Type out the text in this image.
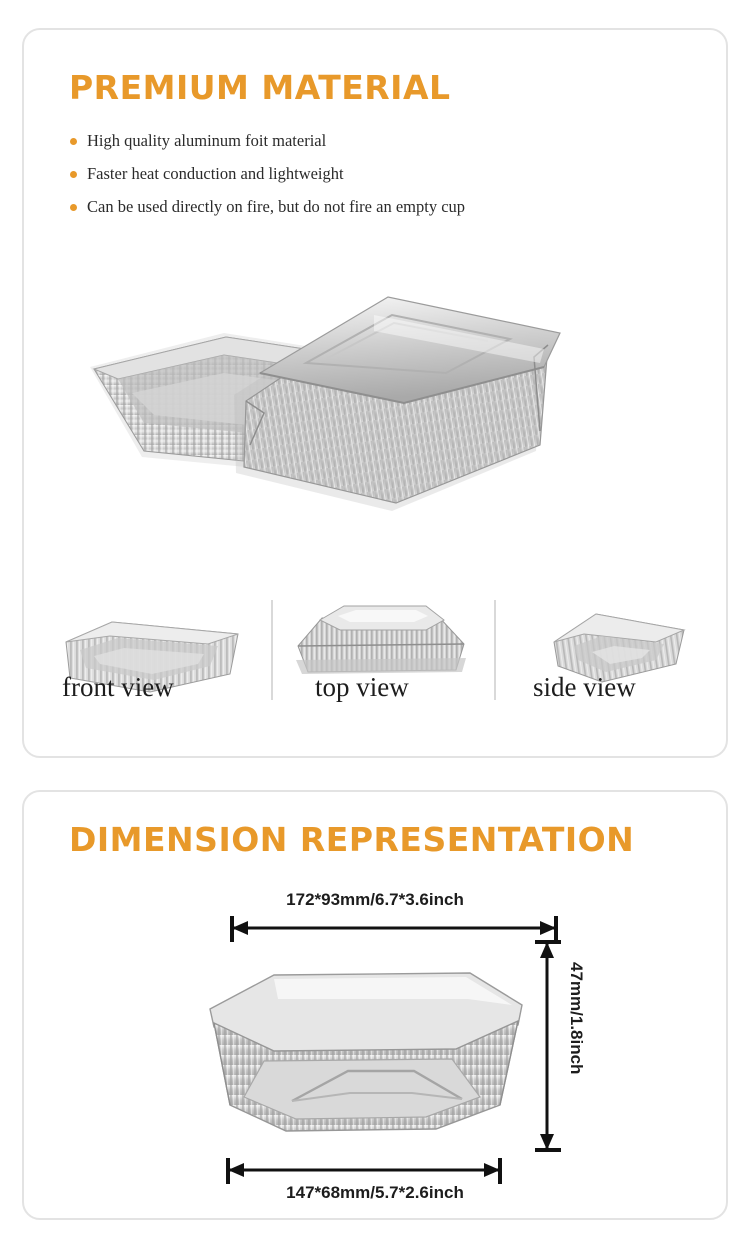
PREMIUM MATERIAL
High quality aluminum foit material
Faster heat conduction and lightweight
Can be used directly on fire, but do not fire an empty cup
front view	top view	side view
DIMENSION REPRESENTATION
172*93mm/6.7*3.6inch
147*68mm/5.7*2.6inch
47mm/1.8inch
